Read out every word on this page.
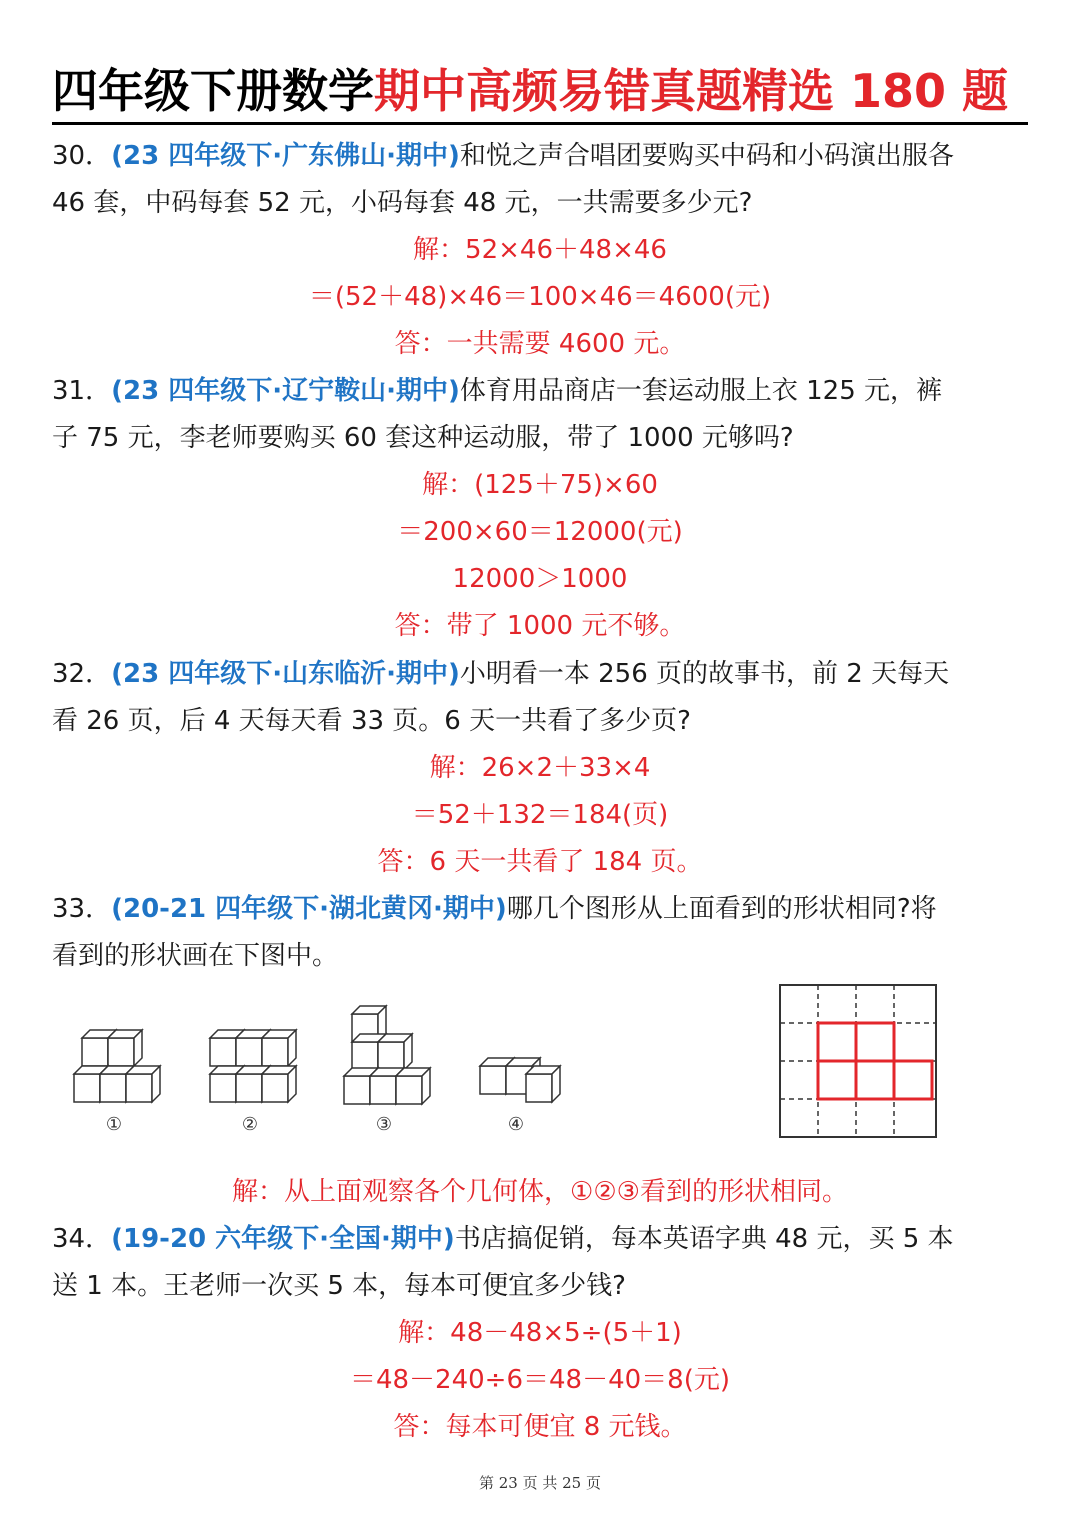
四年级下册数学期中高频易错真题精选 180 题
30．(23 四年级下·广东佛山·期中)和悦之声合唱团要购买中码和小码演出服各
46 套，中码每套 52 元，小码每套 48 元，一共需要多少元?
解：52×46＋48×46
＝(52＋48)×46＝100×46＝4600(元)
答：一共需要 4600 元。
31．(23 四年级下·辽宁鞍山·期中)体育用品商店一套运动服上衣 125 元，裤
子 75 元，李老师要购买 60 套这种运动服，带了 1000 元够吗?
解：(125＋75)×60
＝200×60＝12000(元)
12000＞1000
答：带了 1000 元不够。
32．(23 四年级下·山东临沂·期中)小明看一本 256 页的故事书，前 2 天每天
看 26 页，后 4 天每天看 33 页。6 天一共看了多少页?
解：26×2＋33×4
＝52＋132＝184(页)
答：6 天一共看了 184 页。
33．(20-21 四年级下·湖北黄冈·期中)哪几个图形从上面看到的形状相同?将
看到的形状画在下图中。
①	②	③	④
解：从上面观察各个几何体，①②③看到的形状相同。
34．(19-20 六年级下·全国·期中)书店搞促销，每本英语字典 48 元，买 5 本
送 1 本。王老师一次买 5 本，每本可便宜多少钱?
解：48－48×5÷(5＋1)
＝48－240÷6＝48－40＝8(元)
答：每本可便宜 8 元钱。
第 23 页 共 25 页
